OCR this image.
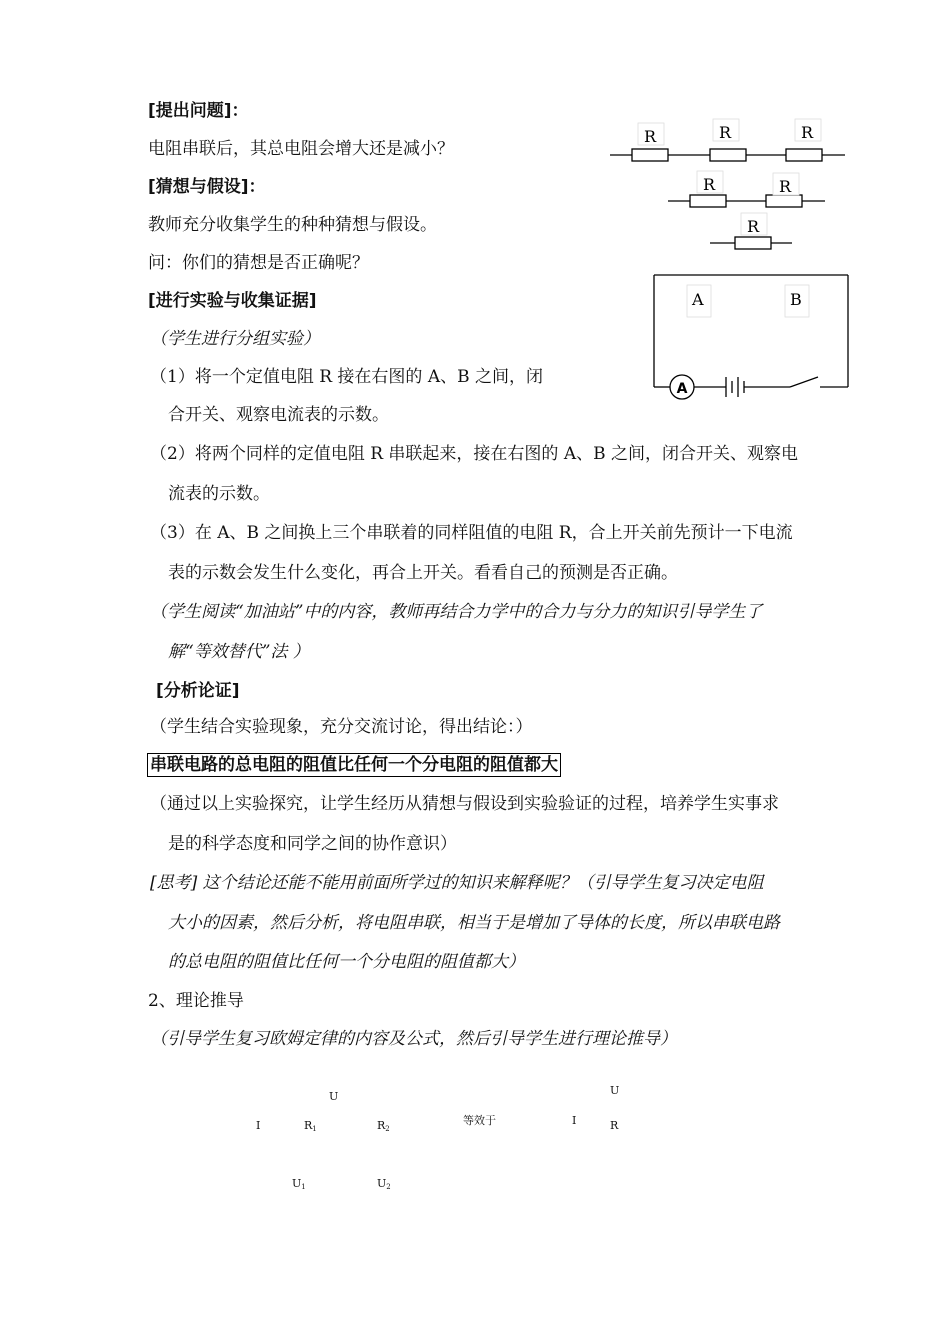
[提出问题]：
电阻串联后，其总电阻会增大还是减小？
[猜想与假设]：
教师充分收集学生的种种猜想与假设。
问：你们的猜想是否正确呢？
[进行实验与收集证据]
（学生进行分组实验）
（1）将一个定值电阻 R 接在右图的 A、B 之间，闭
合开关、观察电流表的示数。
（2）将两个同样的定值电阻 R 串联起来，接在右图的 A、B 之间，闭合开关、观察电
流表的示数。
（3）在 A、B 之间换上三个串联着的同样阻值的电阻 R，合上开关前先预计一下电流
表的示数会发生什么变化，再合上开关。看看自己的预测是否正确。
（学生阅读“加油站”中的内容，教师再结合力学中的合力与分力的知识引导学生了
解“等效替代”法 ）
[分析论证]
（学生结合实验现象，充分交流讨论，得出结论：）
串联电路的总电阻的阻值比任何一个分电阻的阻值都大
（通过以上实验探究，让学生经历从猜想与假设到实验验证的过程，培养学生实事求
是的科学态度和同学之间的协作意识）
[思考] 这个结论还能不能用前面所学过的知识来解释呢？（引导学生复习决定电阻
大小的因素，然后分析，将电阻串联，相当于是增加了导体的长度，所以串联电路
的总电阻的阻值比任何一个分电阻的阻值都大）
2、理论推导
（引导学生复习欧姆定律的内容及公式，然后引导学生进行理论推导）
R	R	R
R	R
R
A	B
A
U
I	$R_1$	$R_2$
等效于
U
I	R
$U_1$	$U_2$
